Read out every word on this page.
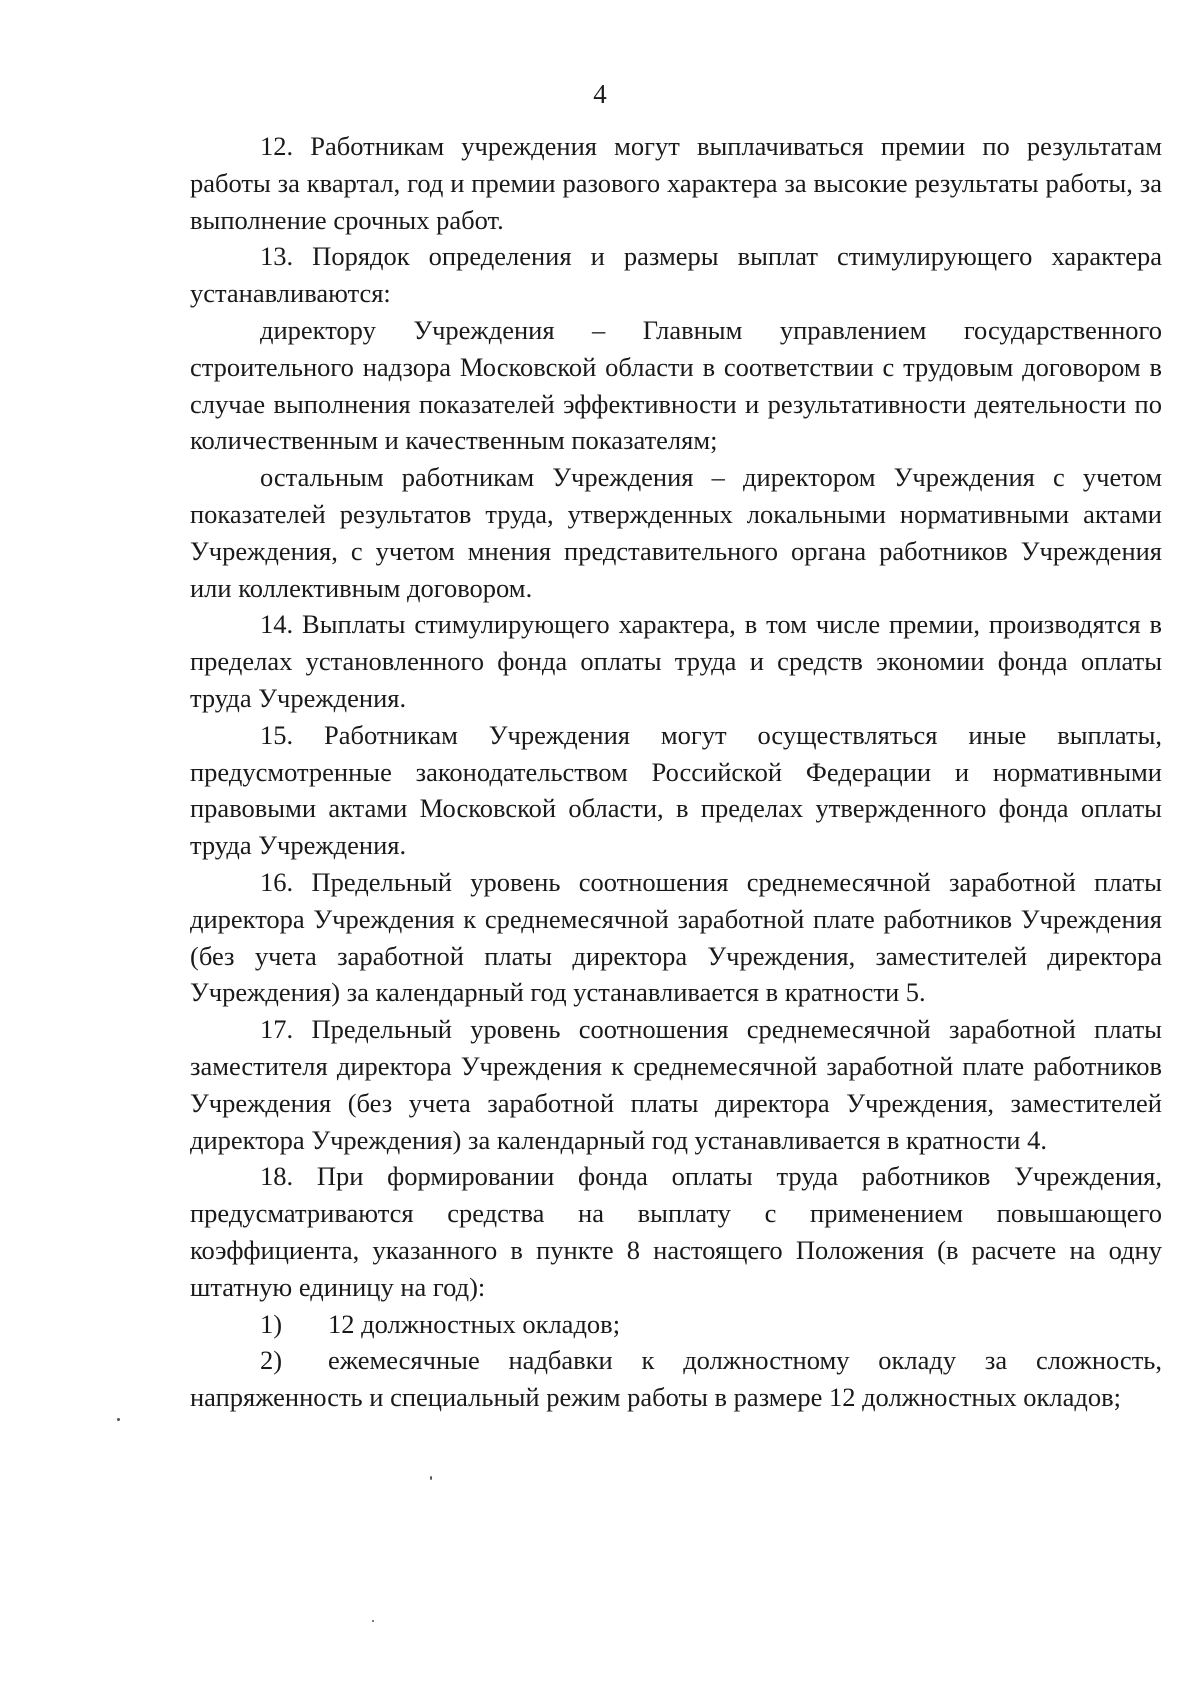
4

12. Работникам учреждения могут выплачиваться премии по результатам работы за квартал, год и премии разового характера за высокие результаты работы, за выполнение срочных работ.

13. Порядок определения и размеры выплат стимулирующего характера устанавливаются:

директору Учреждения – Главным управлением государственного строительного надзора Московской области в соответствии с трудовым договором в случае выполнения показателей эффективности и результативности деятельности по количественным и качественным показателям;

остальным работникам Учреждения – директором Учреждения с учетом показателей результатов труда, утвержденных локальными нормативными актами Учреждения, с учетом мнения представительного органа работников Учреждения или коллективным договором.

14. Выплаты стимулирующего характера, в том числе премии, производятся в пределах установленного фонда оплаты труда и средств экономии фонда оплаты труда Учреждения.

15. Работникам Учреждения могут осуществляться иные выплаты, предусмотренные законодательством Российской Федерации и нормативными правовыми актами Московской области, в пределах утвержденного фонда оплаты труда Учреждения.

16. Предельный уровень соотношения среднемесячной заработной платы директора Учреждения к среднемесячной заработной плате работников Учреждения (без учета заработной платы директора Учреждения, заместителей директора Учреждения) за календарный год устанавливается в кратности 5.

17. Предельный уровень соотношения среднемесячной заработной платы заместителя директора Учреждения к среднемесячной заработной плате работников Учреждения (без учета заработной платы директора Учреждения, заместителей директора Учреждения) за календарный год устанавливается в кратности 4.

18. При формировании фонда оплаты труда работников Учреждения, предусматриваются средства на выплату с применением повышающего коэффициента, указанного в пункте 8 настоящего Положения (в расчете на одну штатную единицу на год):

1) 12 должностных окладов;

2) ежемесячные надбавки к должностному окладу за сложность, напряженность и специальный режим работы в размере 12 должностных окладов;
